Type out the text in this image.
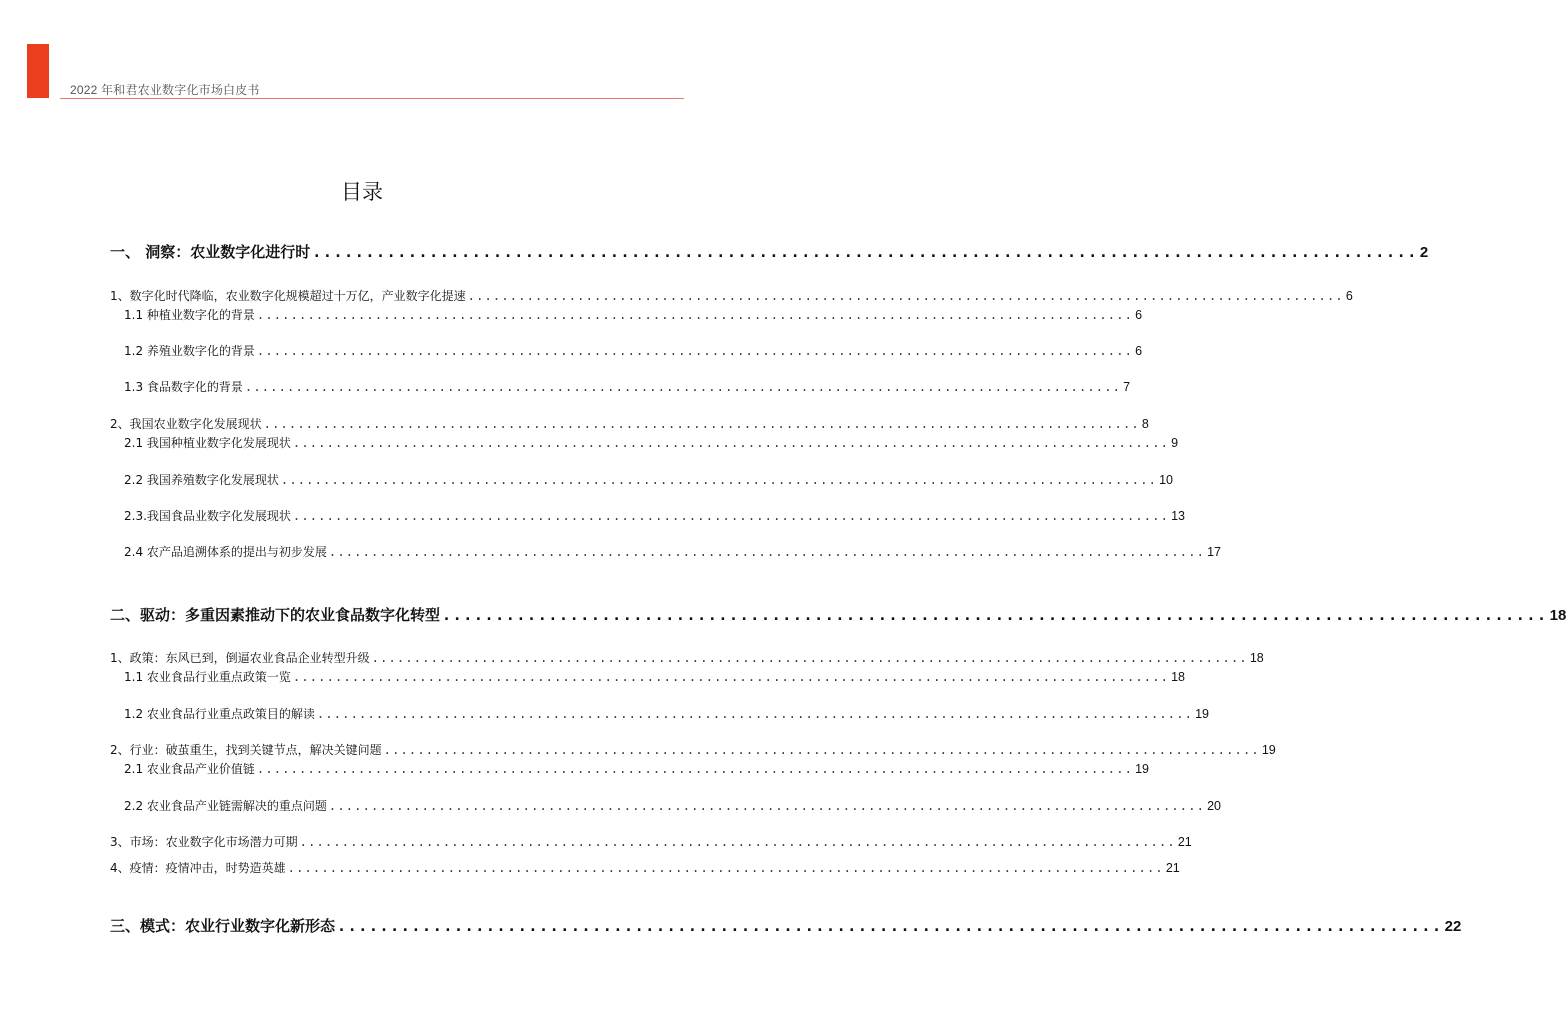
2022 年和君农业数字化市场白皮书
目录
一、 洞察：农业数字化进行时 ........................................................................................................ 2
1、数字化时代降临，农业数字化规模超过十万亿，产业数字化提速 ........................................................................................................ 6
1.1 种植业数字化的背景 ........................................................................................................ 6
1.2 养殖业数字化的背景 ........................................................................................................ 6
1.3 食品数字化的背景 ........................................................................................................ 7
2、我国农业数字化发展现状 ........................................................................................................ 8
2.1 我国种植业数字化发展现状 ........................................................................................................ 9
2.2 我国养殖数字化发展现状 ........................................................................................................ 10
2.3.我国食品业数字化发展现状 ........................................................................................................ 13
2.4 农产品追溯体系的提出与初步发展 ........................................................................................................ 17
二、驱动：多重因素推动下的农业食品数字化转型 ........................................................................................................ 18
1、政策：东风已到，倒逼农业食品企业转型升级 ........................................................................................................ 18
1.1 农业食品行业重点政策一览 ........................................................................................................ 18
1.2 农业食品行业重点政策目的解读 ........................................................................................................ 19
2、行业：破茧重生，找到关键节点，解决关键问题 ........................................................................................................ 19
2.1 农业食品产业价值链 ........................................................................................................ 19
2.2 农业食品产业链需解决的重点问题 ........................................................................................................ 20
3、市场：农业数字化市场潜力可期 ........................................................................................................ 21
4、疫情：疫情冲击，时势造英雄 ........................................................................................................ 21
三、模式：农业行业数字化新形态 ........................................................................................................ 22
